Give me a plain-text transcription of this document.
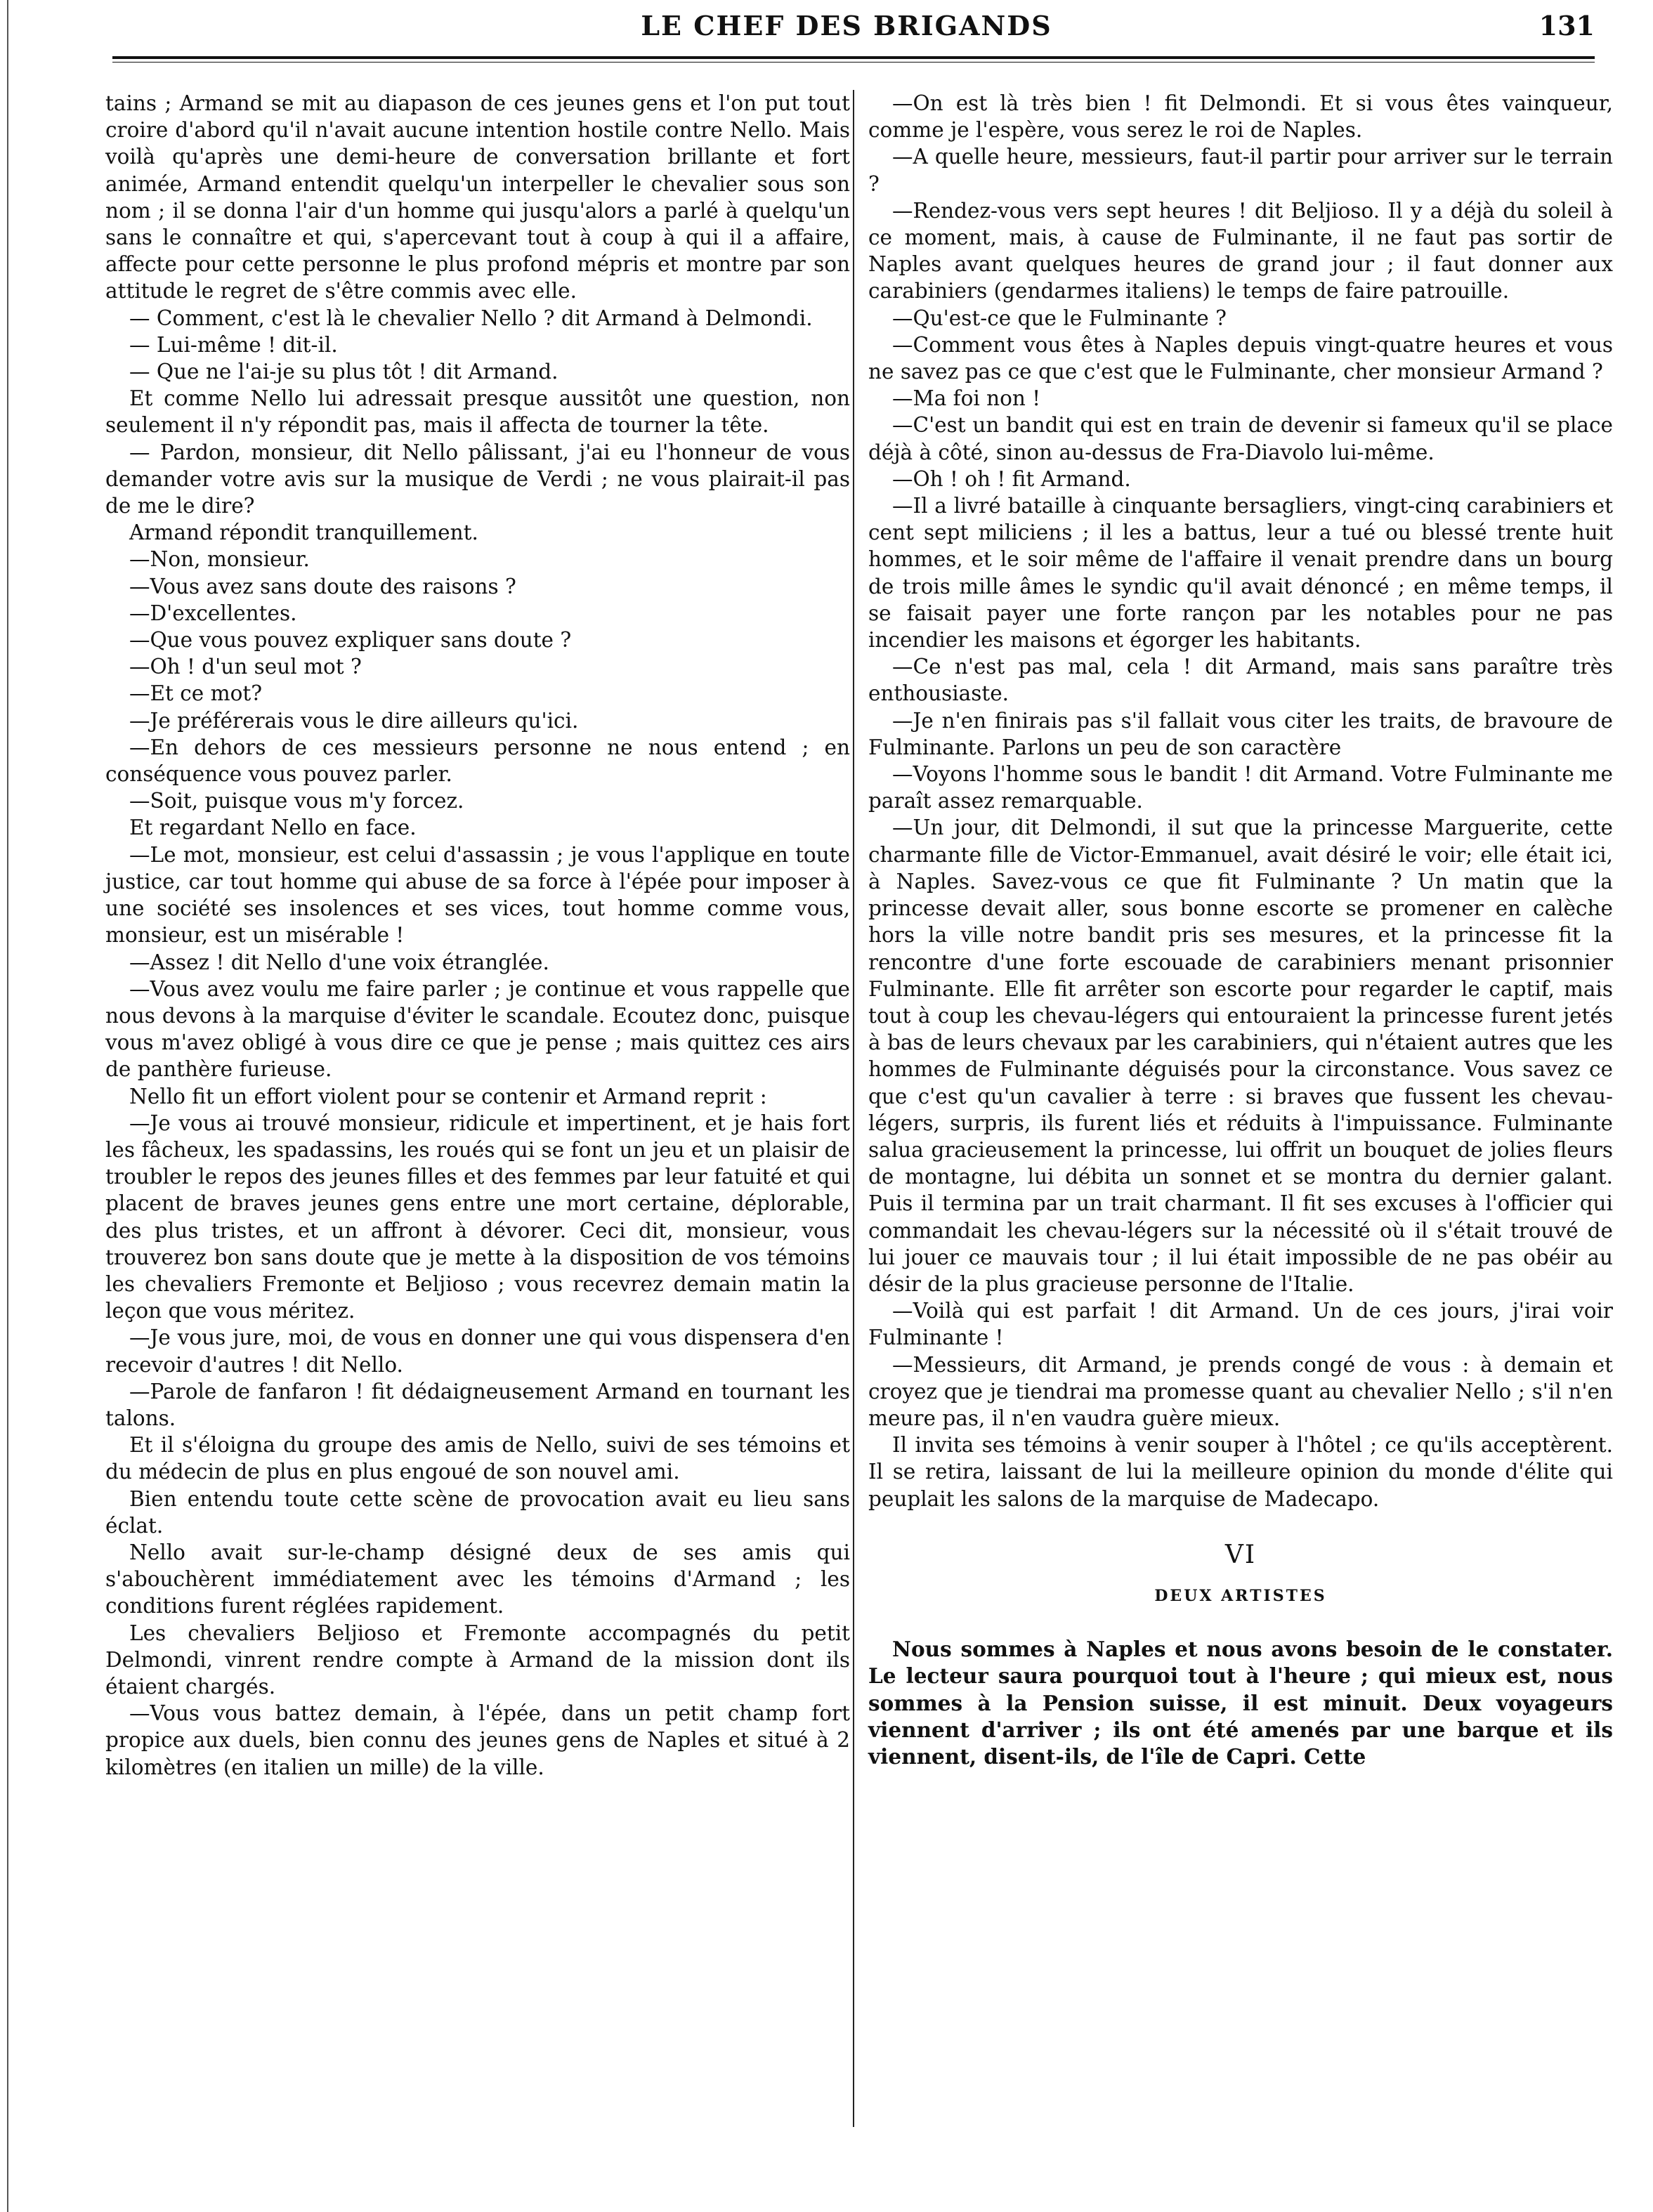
LE CHEF DES BRIGANDS	131

tains ; Armand se mit au diapason de ces jeunes gens et l'on put tout croire d'abord qu'il n'avait aucune intention hostile contre Nello. Mais voilà qu'après une demi-heure de conversation brillante et fort animée, Armand entendit quelqu'un interpeller le chevalier sous son nom ; il se donna l'air d'un homme qui jusqu'alors a parlé à quelqu'un sans le connaître et qui, s'apercevant tout à coup à qui il a affaire, affecte pour cette personne le plus profond mépris et montre par son attitude le regret de s'être commis avec elle.

— Comment, c'est là le chevalier Nello ? dit Armand à Delmondi.

— Lui-même ! dit-il.

— Que ne l'ai-je su plus tôt ! dit Armand.

Et comme Nello lui adressait presque aussitôt une question, non seulement il n'y répondit pas, mais il affecta de tourner la tête.

— Pardon, monsieur, dit Nello pâlissant, j'ai eu l'honneur de vous demander votre avis sur la musique de Verdi ; ne vous plairait-il pas de me le dire?

Armand répondit tranquillement.

—Non, monsieur.

—Vous avez sans doute des raisons ?

—D'excellentes.

—Que vous pouvez expliquer sans doute ?

—Oh ! d'un seul mot ?

—Et ce mot?

—Je préférerais vous le dire ailleurs qu'ici.

—En dehors de ces messieurs personne ne nous entend ; en conséquence vous pouvez parler.

—Soit, puisque vous m'y forcez.

Et regardant Nello en face.

—Le mot, monsieur, est celui d'assassin ; je vous l'applique en toute justice, car tout homme qui abuse de sa force à l'épée pour imposer à une société ses insolences et ses vices, tout homme comme vous, monsieur, est un misérable !

—Assez ! dit Nello d'une voix étranglée.

—Vous avez voulu me faire parler ; je continue et vous rappelle que nous devons à la marquise d'éviter le scandale. Ecoutez donc, puisque vous m'avez obligé à vous dire ce que je pense ; mais quittez ces airs de panthère furieuse.

Nello fit un effort violent pour se contenir et Armand reprit :

—Je vous ai trouvé monsieur, ridicule et impertinent, et je hais fort les fâcheux, les spadassins, les roués qui se font un jeu et un plaisir de troubler le repos des jeunes filles et des femmes par leur fatuité et qui placent de braves jeunes gens entre une mort certaine, déplorable, des plus tristes, et un affront à dévorer. Ceci dit, monsieur, vous trouverez bon sans doute que je mette à la disposition de vos témoins les chevaliers Fremonte et Beljioso ; vous recevrez demain matin la leçon que vous méritez.

—Je vous jure, moi, de vous en donner une qui vous dispensera d'en recevoir d'autres ! dit Nello.

—Parole de fanfaron ! fit dédaigneusement Armand en tournant les talons.

Et il s'éloigna du groupe des amis de Nello, suivi de ses témoins et du médecin de plus en plus engoué de son nouvel ami.

Bien entendu toute cette scène de provocation avait eu lieu sans éclat.

Nello avait sur-le-champ désigné deux de ses amis qui s'abouchèrent immédiatement avec les témoins d'Armand ; les conditions furent réglées rapidement.

Les chevaliers Beljioso et Fremonte accompagnés du petit Delmondi, vinrent rendre compte à Armand de la mission dont ils étaient chargés.

—Vous vous battez demain, à l'épée, dans un petit champ fort propice aux duels, bien connu des jeunes gens de Naples et situé à 2 kilomètres (en italien un mille) de la ville.

—On est là très bien ! fit Delmondi. Et si vous êtes vainqueur, comme je l'espère, vous serez le roi de Naples.

—A quelle heure, messieurs, faut-il partir pour arriver sur le terrain ?

—Rendez-vous vers sept heures ! dit Beljioso. Il y a déjà du soleil à ce moment, mais, à cause de Fulminante, il ne faut pas sortir de Naples avant quelques heures de grand jour ; il faut donner aux carabiniers (gendarmes italiens) le temps de faire patrouille.

—Qu'est-ce que le Fulminante ?

—Comment vous êtes à Naples depuis vingt-quatre heures et vous ne savez pas ce que c'est que le Fulminante, cher monsieur Armand ?

—Ma foi non !

—C'est un bandit qui est en train de devenir si fameux qu'il se place déjà à côté, sinon au-dessus de Fra-Diavolo lui-même.

—Oh ! oh ! fit Armand.

—Il a livré bataille à cinquante bersagliers, vingt-cinq carabiniers et cent sept miliciens ; il les a battus, leur a tué ou blessé trente huit hommes, et le soir même de l'affaire il venait prendre dans un bourg de trois mille âmes le syndic qu'il avait dénoncé ; en même temps, il se faisait payer une forte rançon par les notables pour ne pas incendier les maisons et égorger les habitants.

—Ce n'est pas mal, cela ! dit Armand, mais sans paraître très enthousiaste.

—Je n'en finirais pas s'il fallait vous citer les traits, de bravoure de Fulminante. Parlons un peu de son caractère

—Voyons l'homme sous le bandit ! dit Armand. Votre Fulminante me paraît assez remarquable.

—Un jour, dit Delmondi, il sut que la princesse Marguerite, cette charmante fille de Victor-Emmanuel, avait désiré le voir; elle était ici, à Naples. Savez-vous ce que fit Fulminante ? Un matin que la princesse devait aller, sous bonne escorte se promener en calèche hors la ville notre bandit pris ses mesures, et la princesse fit la rencontre d'une forte escouade de carabiniers menant prisonnier Fulminante. Elle fit arrêter son escorte pour regarder le captif, mais tout à coup les chevau-légers qui entouraient la princesse furent jetés à bas de leurs chevaux par les carabiniers, qui n'étaient autres que les hommes de Fulminante déguisés pour la circonstance. Vous savez ce que c'est qu'un cavalier à terre : si braves que fussent les chevau-légers, surpris, ils furent liés et réduits à l'impuissance. Fulminante salua gracieusement la princesse, lui offrit un bouquet de jolies fleurs de montagne, lui débita un sonnet et se montra du dernier galant. Puis il termina par un trait charmant. Il fit ses excuses à l'officier qui commandait les chevau-légers sur la nécessité où il s'était trouvé de lui jouer ce mauvais tour ; il lui était impossible de ne pas obéir au désir de la plus gracieuse personne de l'Italie.

—Voilà qui est parfait ! dit Armand. Un de ces jours, j'irai voir Fulminante !

—Messieurs, dit Armand, je prends congé de vous : à demain et croyez que je tiendrai ma promesse quant au chevalier Nello ; s'il n'en meure pas, il n'en vaudra guère mieux.

Il invita ses témoins à venir souper à l'hôtel ; ce qu'ils acceptèrent. Il se retira, laissant de lui la meilleure opinion du monde d'élite qui peuplait les salons de la marquise de Madecapo.

VI
DEUX ARTISTES

Nous sommes à Naples et nous avons besoin de le constater. Le lecteur saura pourquoi tout à l'heure ; qui mieux est, nous sommes à la Pension suisse, il est minuit. Deux voyageurs viennent d'arriver ; ils ont été amenés par une barque et ils viennent, disent-ils, de l'île de Capri. Cette
